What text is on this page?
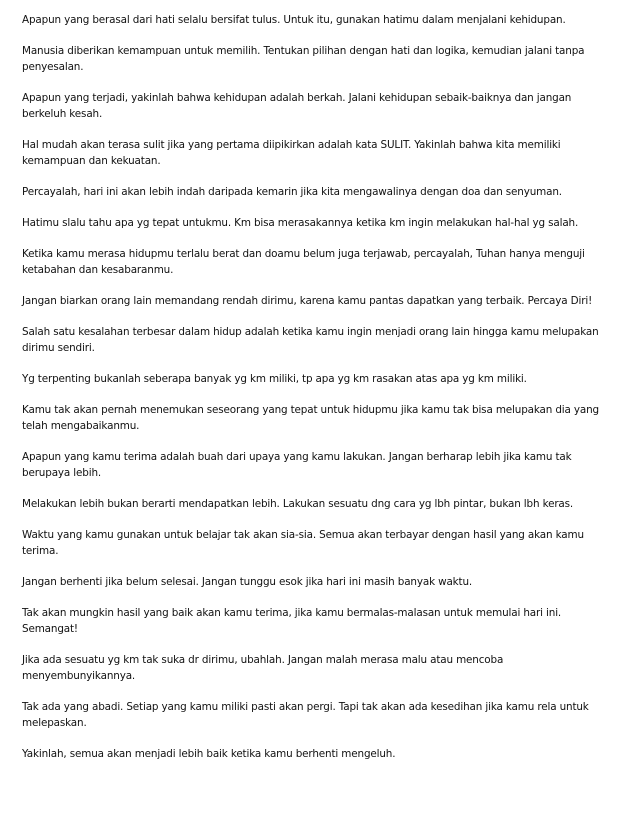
Apapun yang berasal dari hati selalu bersifat tulus. Untuk itu, gunakan hatimu dalam menjalani kehidupan.

Manusia diberikan kemampuan untuk memilih. Tentukan pilihan dengan hati dan logika, kemudian jalani tanpa penyesalan.

Apapun yang terjadi, yakinlah bahwa kehidupan adalah berkah. Jalani kehidupan sebaik-baiknya dan jangan berkeluh kesah.

Hal mudah akan terasa sulit jika yang pertama diipikirkan adalah kata SULIT. Yakinlah bahwa kita memiliki kemampuan dan kekuatan.

Percayalah, hari ini akan lebih indah daripada kemarin jika kita mengawalinya dengan doa dan senyuman.

Hatimu slalu tahu apa yg tepat untukmu. Km bisa merasakannya ketika km ingin melakukan hal-hal yg salah.

Ketika kamu merasa hidupmu terlalu berat dan doamu belum juga terjawab, percayalah, Tuhan hanya menguji ketabahan dan kesabaranmu.

Jangan biarkan orang lain memandang rendah dirimu, karena kamu pantas dapatkan yang terbaik. Percaya Diri!

Salah satu kesalahan terbesar dalam hidup adalah ketika kamu ingin menjadi orang lain hingga kamu melupakan dirimu sendiri.

Yg terpenting bukanlah seberapa banyak yg km miliki, tp apa yg km rasakan atas apa yg km miliki.

Kamu tak akan pernah menemukan seseorang yang tepat untuk hidupmu jika kamu tak bisa melupakan dia yang telah mengabaikanmu.

Apapun yang kamu terima adalah buah dari upaya yang kamu lakukan. Jangan berharap lebih jika kamu tak berupaya lebih.

Melakukan lebih bukan berarti mendapatkan lebih. Lakukan sesuatu dng cara yg lbh pintar, bukan lbh keras.

Waktu yang kamu gunakan untuk belajar tak akan sia-sia. Semua akan terbayar dengan hasil yang akan kamu terima.

Jangan berhenti jika belum selesai. Jangan tunggu esok jika hari ini masih banyak waktu.

Tak akan mungkin hasil yang baik akan kamu terima, jika kamu bermalas-malasan untuk memulai hari ini. Semangat!

Jika ada sesuatu yg km tak suka dr dirimu, ubahlah. Jangan malah merasa malu atau mencoba menyembunyikannya.

Tak ada yang abadi. Setiap yang kamu miliki pasti akan pergi. Tapi tak akan ada kesedihan jika kamu rela untuk melepaskan.

Yakinlah, semua akan menjadi lebih baik ketika kamu berhenti mengeluh.
